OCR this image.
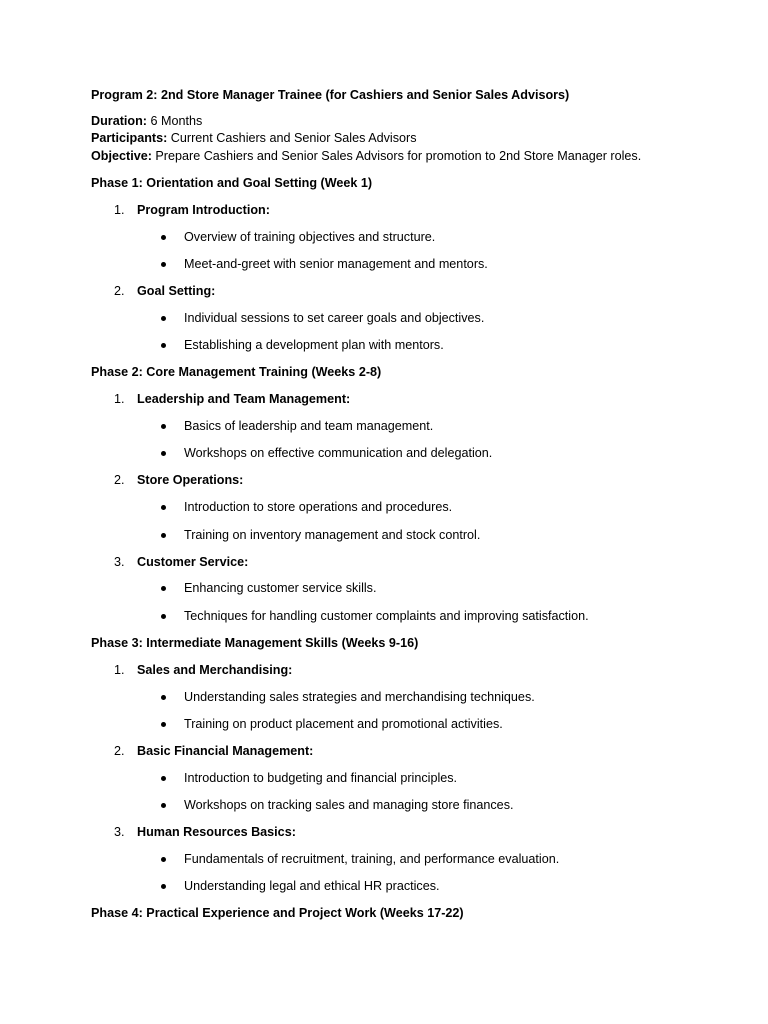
Program 2: 2nd Store Manager Trainee (for Cashiers and Senior Sales Advisors)
Duration: 6 Months
Participants: Current Cashiers and Senior Sales Advisors
Objective: Prepare Cashiers and Senior Sales Advisors for promotion to 2nd Store Manager roles.
Phase 1: Orientation and Goal Setting (Week 1)
1. Program Introduction:
Overview of training objectives and structure.
Meet-and-greet with senior management and mentors.
2. Goal Setting:
Individual sessions to set career goals and objectives.
Establishing a development plan with mentors.
Phase 2: Core Management Training (Weeks 2-8)
1. Leadership and Team Management:
Basics of leadership and team management.
Workshops on effective communication and delegation.
2. Store Operations:
Introduction to store operations and procedures.
Training on inventory management and stock control.
3. Customer Service:
Enhancing customer service skills.
Techniques for handling customer complaints and improving satisfaction.
Phase 3: Intermediate Management Skills (Weeks 9-16)
1. Sales and Merchandising:
Understanding sales strategies and merchandising techniques.
Training on product placement and promotional activities.
2. Basic Financial Management:
Introduction to budgeting and financial principles.
Workshops on tracking sales and managing store finances.
3. Human Resources Basics:
Fundamentals of recruitment, training, and performance evaluation.
Understanding legal and ethical HR practices.
Phase 4: Practical Experience and Project Work (Weeks 17-22)
